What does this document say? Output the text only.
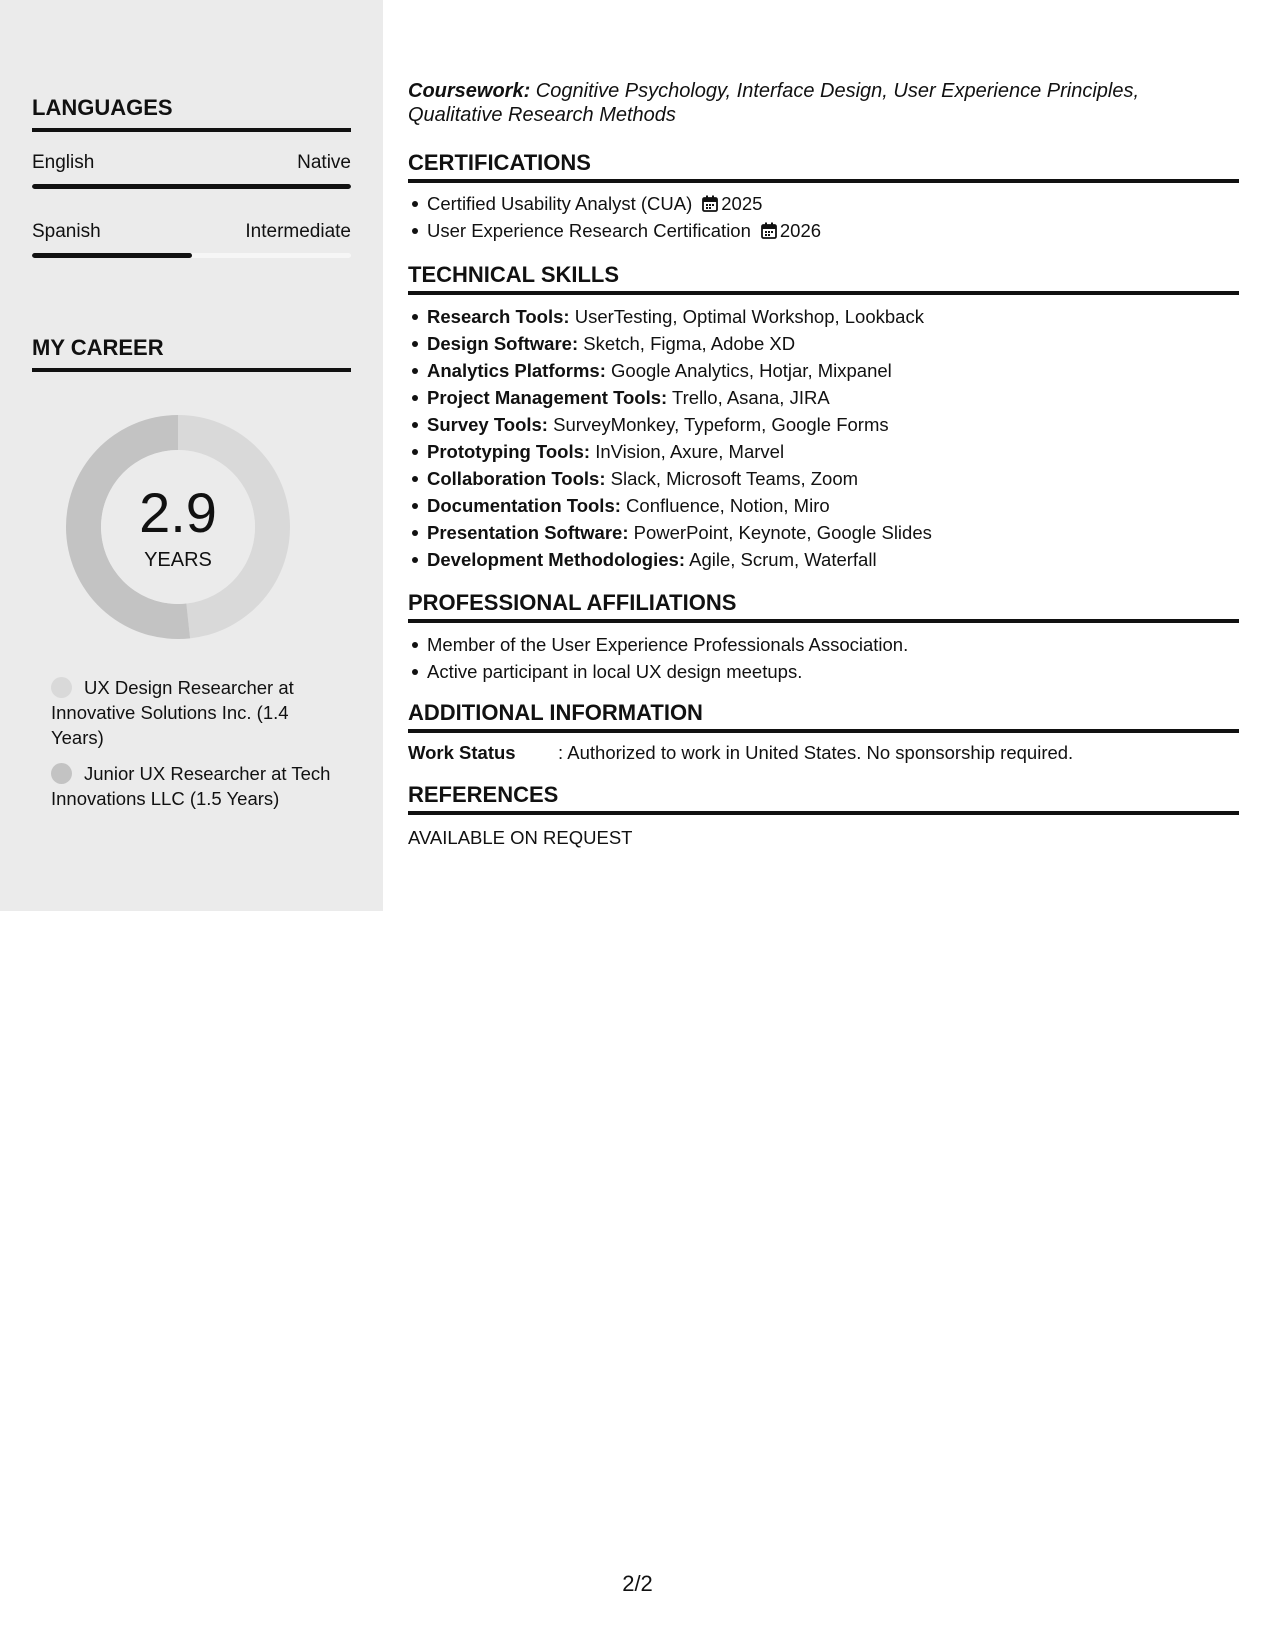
LANGUAGES
English	Native
Spanish	Intermediate
MY CAREER
2.9
YEARS
UX Design Researcher at Innovative Solutions Inc. (1.4 Years)
Junior UX Researcher at Tech Innovations LLC (1.5 Years)
Coursework: Cognitive Psychology, Interface Design, User Experience Principles, Qualitative Research Methods
CERTIFICATIONS
Certified Usability Analyst (CUA) 2025
User Experience Research Certification 2026
TECHNICAL SKILLS
Research Tools: UserTesting, Optimal Workshop, Lookback
Design Software: Sketch, Figma, Adobe XD
Analytics Platforms: Google Analytics, Hotjar, Mixpanel
Project Management Tools: Trello, Asana, JIRA
Survey Tools: SurveyMonkey, Typeform, Google Forms
Prototyping Tools: InVision, Axure, Marvel
Collaboration Tools: Slack, Microsoft Teams, Zoom
Documentation Tools: Confluence, Notion, Miro
Presentation Software: PowerPoint, Keynote, Google Slides
Development Methodologies: Agile, Scrum, Waterfall
PROFESSIONAL AFFILIATIONS
Member of the User Experience Professionals Association.
Active participant in local UX design meetups.
ADDITIONAL INFORMATION
Work Status : Authorized to work in United States. No sponsorship required.
REFERENCES
AVAILABLE ON REQUEST
2/2
